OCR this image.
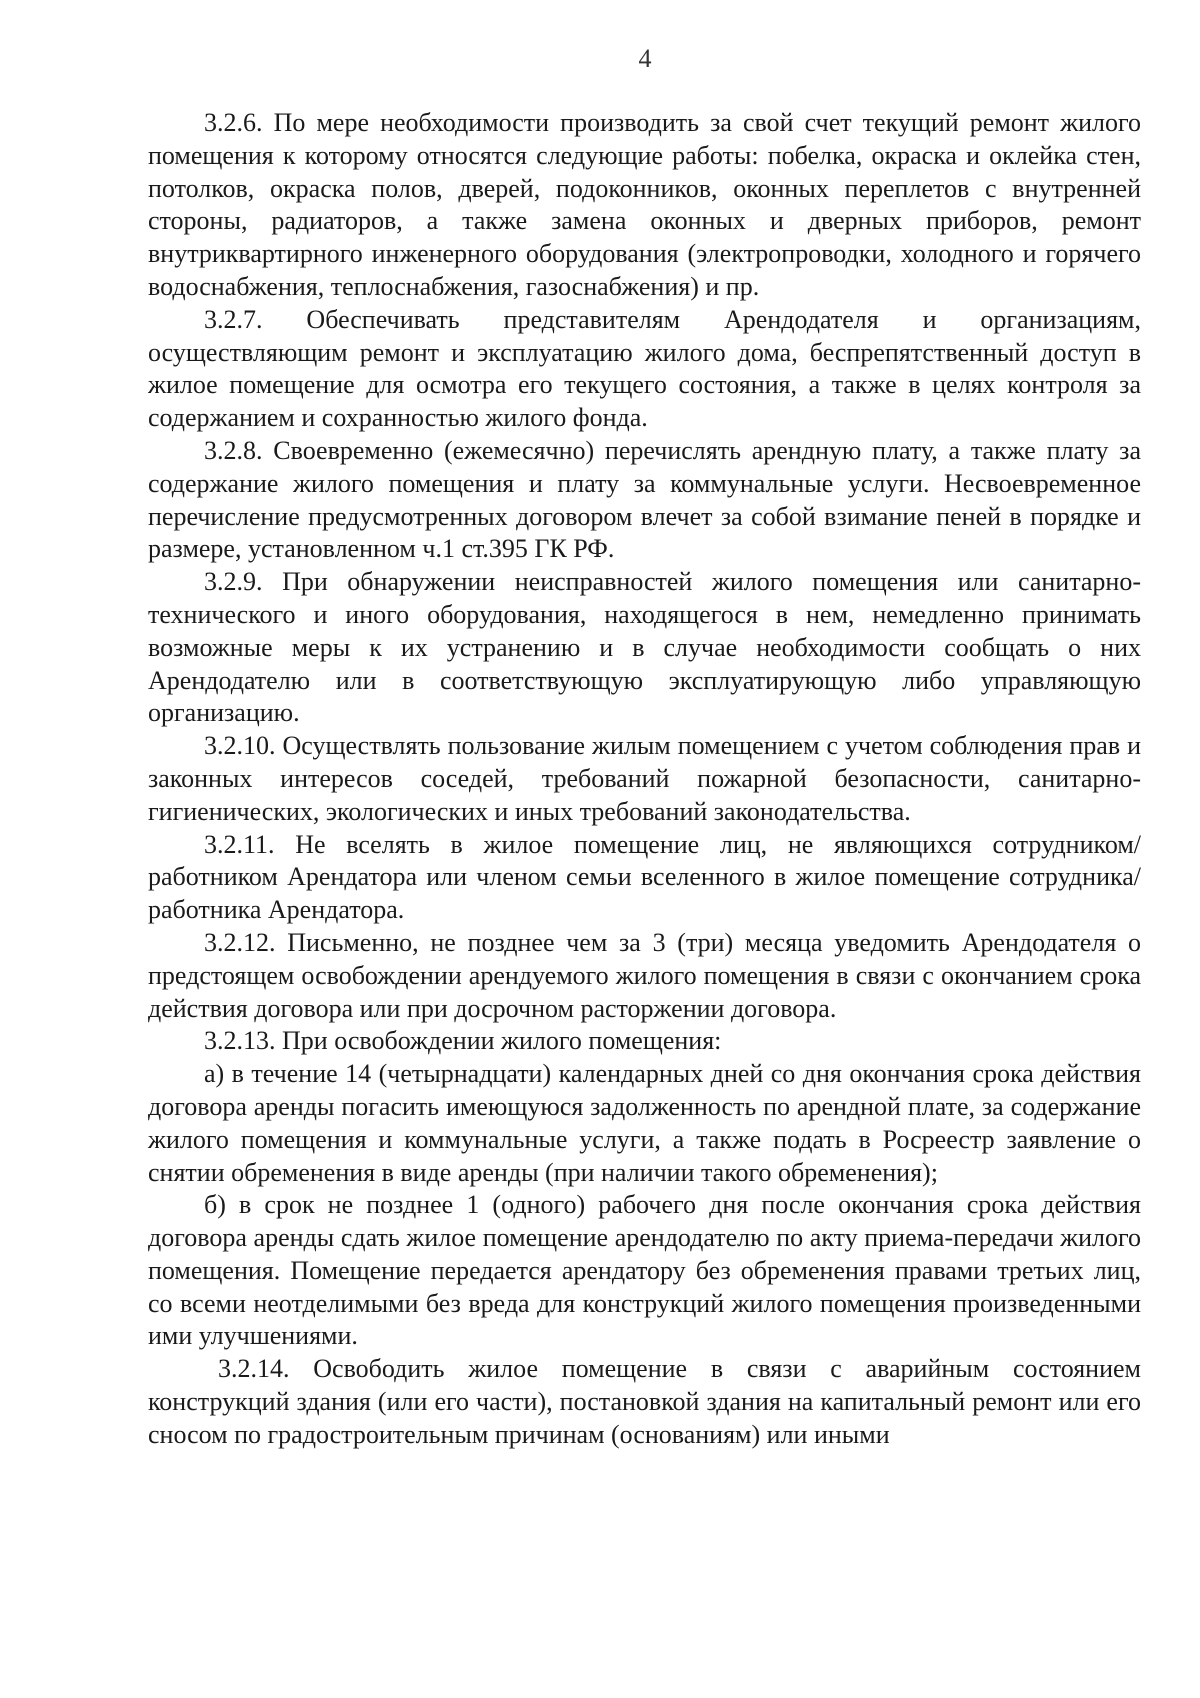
4

3.2.6. По мере необходимости производить за свой счет текущий ремонт жилого помещения к которому относятся следующие работы: побелка, окраска и оклейка стен, потолков, окраска полов, дверей, подоконников, оконных переплетов с внутренней стороны, радиаторов, а также замена оконных и дверных приборов, ремонт внутриквартирного инженерного оборудования (электропроводки, холодного и горячего водоснабжения, теплоснабжения, газоснабжения) и пр.

3.2.7. Обеспечивать представителям Арендодателя и организациям, осуществляющим ремонт и эксплуатацию жилого дома, беспрепятственный доступ в жилое помещение для осмотра его текущего состояния, а также в целях контроля за содержанием и сохранностью жилого фонда.

3.2.8. Своевременно (ежемесячно) перечислять арендную плату, а также плату за содержание жилого помещения и плату за коммунальные услуги. Несвоевременное перечисление предусмотренных договором влечет за собой взимание пеней в порядке и размере, установленном ч.1 ст.395 ГК РФ.

3.2.9. При обнаружении неисправностей жилого помещения или санитарно-технического и иного оборудования, находящегося в нем, немедленно принимать возможные меры к их устранению и в случае необходимости сообщать о них Арендодателю или в соответствующую эксплуатирующую либо управляющую организацию.

3.2.10. Осуществлять пользование жилым помещением с учетом соблюдения прав и законных интересов соседей, требований пожарной безопасности, санитарно-гигиенических, экологических и иных требований законодательства.

3.2.11. Не вселять в жилое помещение лиц, не являющихся сотрудником/работником Арендатора или членом семьи вселенного в жилое помещение сотрудника/работника Арендатора.

3.2.12. Письменно, не позднее чем за 3 (три) месяца уведомить Арендодателя о предстоящем освобождении арендуемого жилого помещения в связи с окончанием срока действия договора или при досрочном расторжении договора.

3.2.13. При освобождении жилого помещения:

а) в течение 14 (четырнадцати) календарных дней со дня окончания срока действия договора аренды погасить имеющуюся задолженность по арендной плате, за содержание жилого помещения и коммунальные услуги, а также подать в Росреестр заявление о снятии обременения в виде аренды (при наличии такого обременения);

б) в срок не позднее 1 (одного) рабочего дня после окончания срока действия договора аренды сдать жилое помещение арендодателю по акту приема-передачи жилого помещения. Помещение передается арендатору без обременения правами третьих лиц, со всеми неотделимыми без вреда для конструкций жилого помещения произведенными ими улучшениями.

3.2.14. Освободить жилое помещение в связи с аварийным состоянием конструкций здания (или его части), постановкой здания на капитальный ремонт или его сносом по градостроительным причинам (основаниям) или иными
